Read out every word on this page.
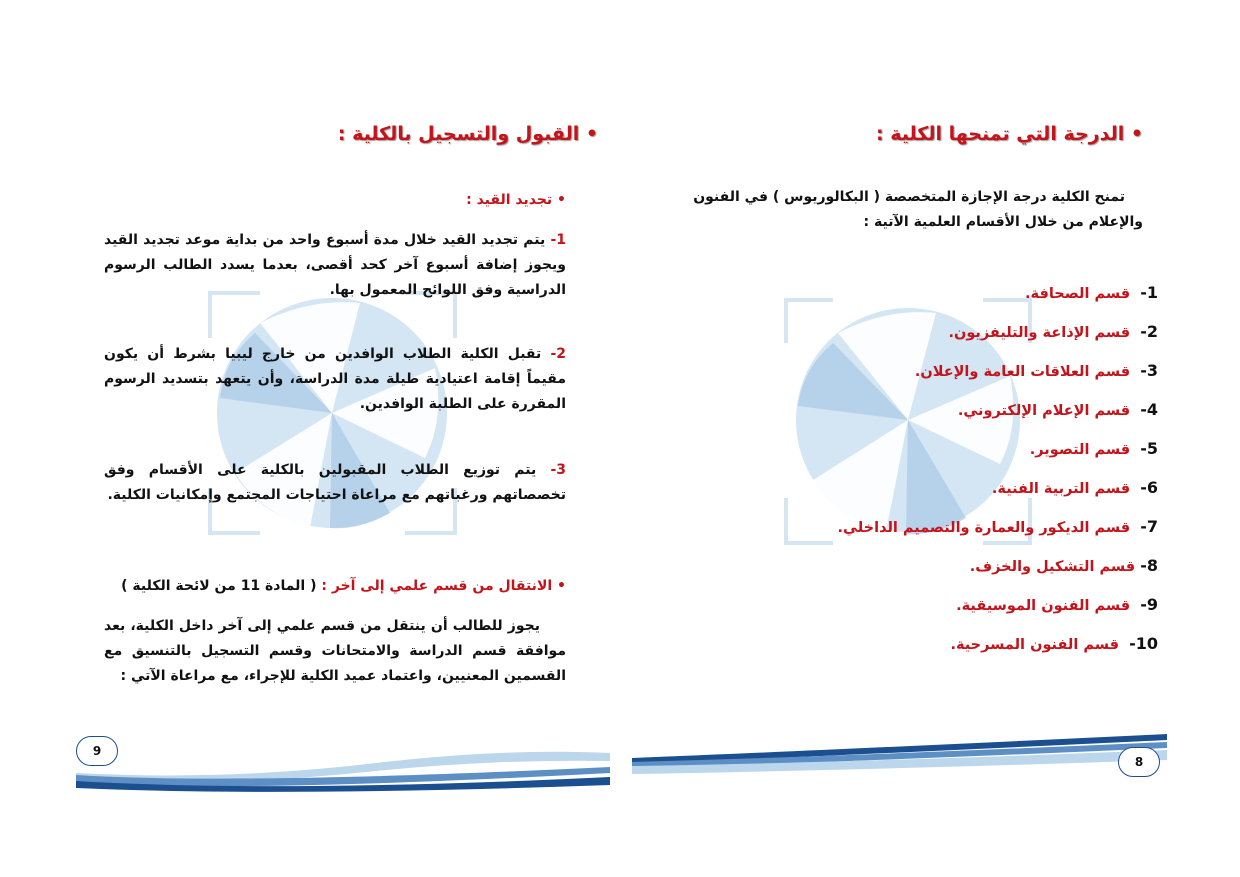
• القبول والتسجيل بالكلية :
• تجديد القيد :
1- يتم تجديد القيد خلال مدة أسبوع واحد من بداية موعد تجديد القيد ويجوز إضافة أسبوع آخر كحد أقصى، بعدما يسدد الطالب الرسوم الدراسية وفق اللوائح المعمول بها.
2- تقبل الكلية الطلاب الوافدين من خارج ليبيا بشرط أن يكون مقيماً إقامة اعتيادية طيلة مدة الدراسة، وأن يتعهد بتسديد الرسوم المقررة على الطلبة الوافدين.
3- يتم توزيع الطلاب المقبولين بالكلية على الأقسام وفق تخصصاتهم ورغباتهم مع مراعاة احتياجات المجتمع وإمكانيات الكلية.
• الانتقال من قسم علمي إلى آخر : ( المادة 11 من لائحة الكلية )
يجوز للطالب أن ينتقل من قسم علمي إلى آخر داخل الكلية، بعد موافقة قسم الدراسة والامتحانات وقسم التسجيل بالتنسيق مع القسمين المعنيين، واعتماد عميد الكلية للإجراء، مع مراعاة الآتي :
9
• الدرجة التي تمنحها الكلية :
تمنح الكلية درجة الإجازة المتخصصة ( البكالوريوس ) في الفنون
والإعلام من خلال الأقسام العلمية الآتية :
1-  قسم الصحافة.
2-  قسم الإذاعة والتليفزيون.
3-  قسم العلاقات العامة والإعلان.
4-  قسم الإعلام الإلكتروني.
5-  قسم التصوير.
6-  قسم التربية الفنية.
7-  قسم الديكور والعمارة والتصميم الداخلي.
8- قسم التشكيل والخزف.
9-  قسم الفنون الموسيقية.
10-  قسم الفنون المسرحية.
8
